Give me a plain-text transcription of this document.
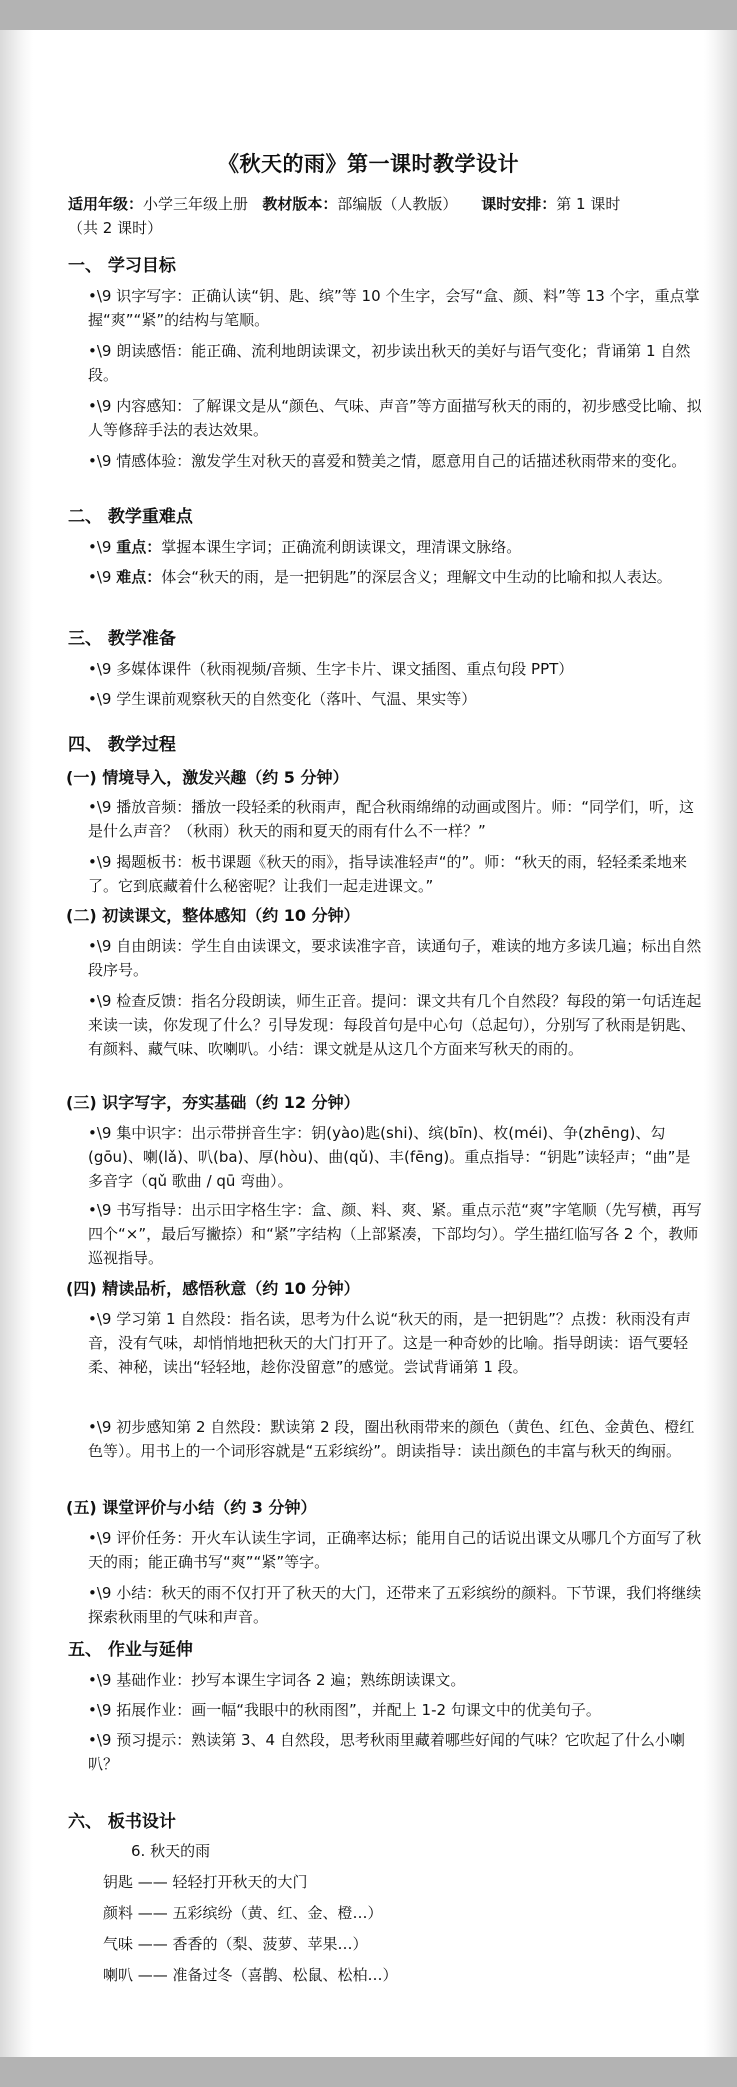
《秋天的雨》第一课时教学设计
适用年级：小学三年级上册 教材版本：部编版（人教版） 课时安排：第 1 课时
（共 2 课时）
一、 学习目标
•\9 识字写字：正确认读“钥、匙、缤”等 10 个生字，会写“盒、颜、料”等 13 个字，重点掌握“爽”“紧”的结构与笔顺。
•\9 朗读感悟：能正确、流利地朗读课文，初步读出秋天的美好与语气变化；背诵第 1 自然段。
•\9 内容感知：了解课文是从“颜色、气味、声音”等方面描写秋天的雨的，初步感受比喻、拟人等修辞手法的表达效果。
•\9 情感体验：激发学生对秋天的喜爱和赞美之情，愿意用自己的话描述秋雨带来的变化。
二、 教学重难点
•\9 重点：掌握本课生字词；正确流利朗读课文，理清课文脉络。
•\9 难点：体会“秋天的雨，是一把钥匙”的深层含义；理解文中生动的比喻和拟人表达。
三、 教学准备
•\9 多媒体课件（秋雨视频/音频、生字卡片、课文插图、重点句段 PPT）
•\9 学生课前观察秋天的自然变化（落叶、气温、果实等）
四、 教学过程
(一) 情境导入，激发兴趣（约 5 分钟）
•\9 播放音频：播放一段轻柔的秋雨声，配合秋雨绵绵的动画或图片。师：“同学们，听，这是什么声音？（秋雨）秋天的雨和夏天的雨有什么不一样？”
•\9 揭题板书：板书课题《秋天的雨》，指导读准轻声“的”。师：“秋天的雨，轻轻柔柔地来了。它到底藏着什么秘密呢？让我们一起走进课文。”
(二) 初读课文，整体感知（约 10 分钟）
•\9 自由朗读：学生自由读课文，要求读准字音，读通句子，难读的地方多读几遍；标出自然段序号。
•\9 检查反馈：指名分段朗读，师生正音。提问：课文共有几个自然段？每段的第一句话连起来读一读，你发现了什么？引导发现：每段首句是中心句（总起句），分别写了秋雨是钥匙、有颜料、藏气味、吹喇叭。小结：课文就是从这几个方面来写秋天的雨的。
(三) 识字写字，夯实基础（约 12 分钟）
•\9 集中识字：出示带拼音生字：钥(yào)匙(shi)、缤(bīn)、枚(méi)、争(zhēng)、勾(gōu)、喇(lǎ)、叭(ba)、厚(hòu)、曲(qǔ)、丰(fēng)。重点指导：“钥匙”读轻声；“曲”是多音字（qǔ 歌曲 / qū 弯曲）。
•\9 书写指导：出示田字格生字：盒、颜、料、爽、紧。重点示范“爽”字笔顺（先写横，再写四个“×”，最后写撇捺）和“紧”字结构（上部紧凑，下部均匀）。学生描红临写各 2 个，教师巡视指导。
(四) 精读品析，感悟秋意（约 10 分钟）
•\9 学习第 1 自然段：指名读，思考为什么说“秋天的雨，是一把钥匙”？点拨：秋雨没有声音，没有气味，却悄悄地把秋天的大门打开了。这是一种奇妙的比喻。指导朗读：语气要轻柔、神秘，读出“轻轻地，趁你没留意”的感觉。尝试背诵第 1 段。
•\9 初步感知第 2 自然段：默读第 2 段，圈出秋雨带来的颜色（黄色、红色、金黄色、橙红色等）。用书上的一个词形容就是“五彩缤纷”。朗读指导：读出颜色的丰富与秋天的绚丽。
(五) 课堂评价与小结（约 3 分钟）
•\9 评价任务：开火车认读生字词，正确率达标；能用自己的话说出课文从哪几个方面写了秋天的雨；能正确书写“爽”“紧”等字。
•\9 小结：秋天的雨不仅打开了秋天的大门，还带来了五彩缤纷的颜料。下节课，我们将继续探索秋雨里的气味和声音。
五、 作业与延伸
•\9 基础作业：抄写本课生字词各 2 遍；熟练朗读课文。
•\9 拓展作业：画一幅“我眼中的秋雨图”，并配上 1-2 句课文中的优美句子。
•\9 预习提示：熟读第 3、4 自然段，思考秋雨里藏着哪些好闻的气味？它吹起了什么小喇叭？
六、 板书设计
6. 秋天的雨
钥匙 —— 轻轻打开秋天的大门
颜料 —— 五彩缤纷（黄、红、金、橙…）
气味 —— 香香的（梨、菠萝、苹果…）
喇叭 —— 准备过冬（喜鹊、松鼠、松柏…）
